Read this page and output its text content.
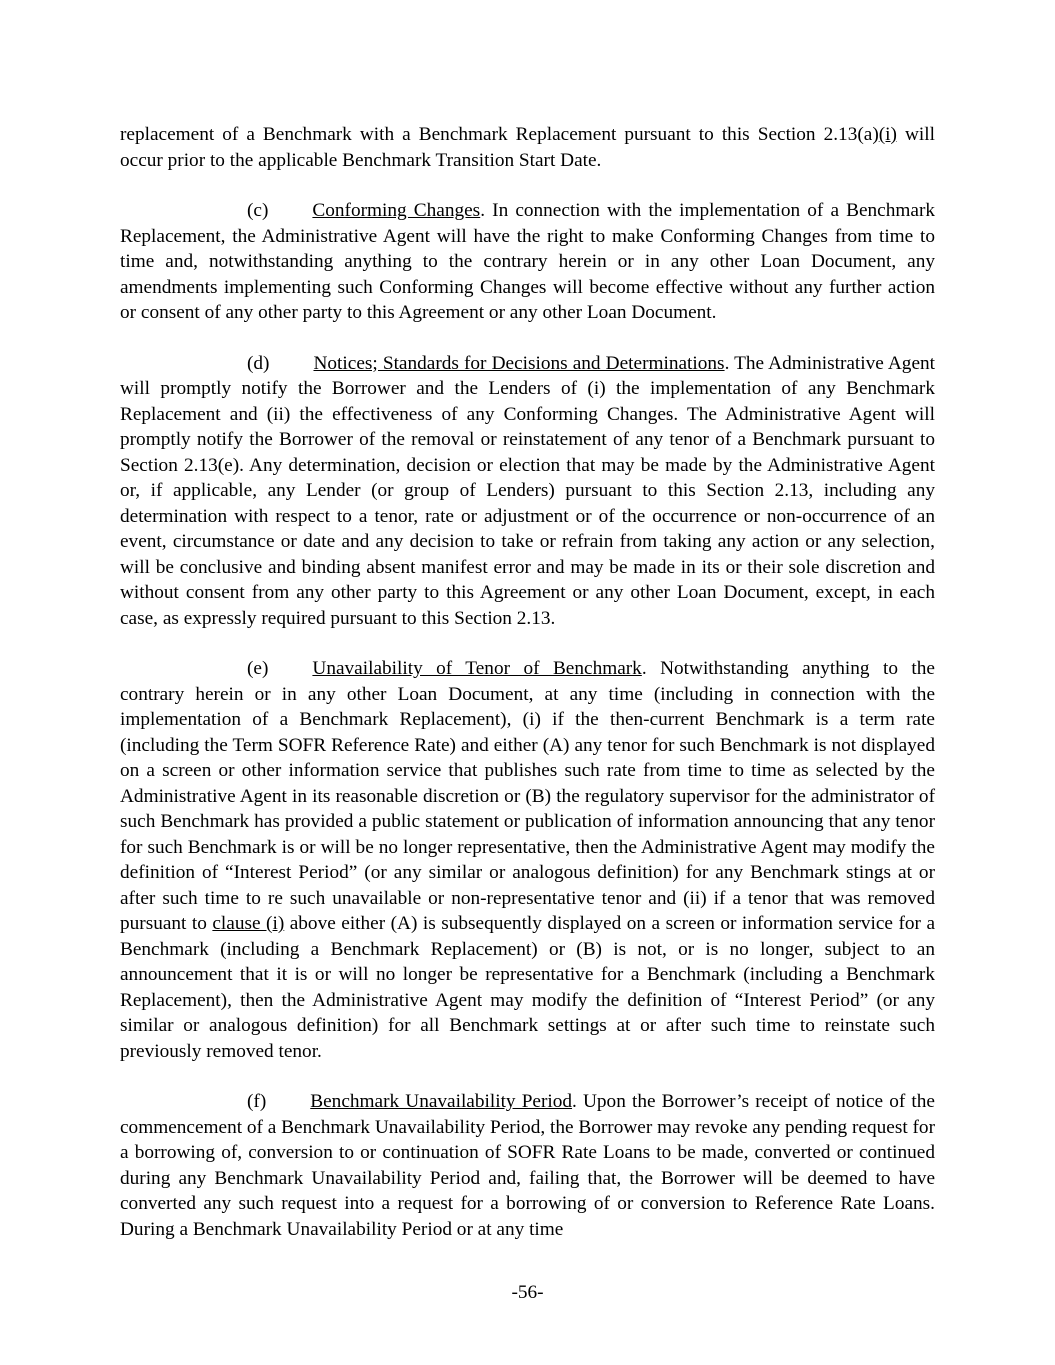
replacement of a Benchmark with a Benchmark Replacement pursuant to this Section 2.13(a)(i) will occur prior to the applicable Benchmark Transition Start Date.

(c) Conforming Changes. In connection with the implementation of a Benchmark Replacement, the Administrative Agent will have the right to make Conforming Changes from time to time and, notwithstanding anything to the contrary herein or in any other Loan Document, any amendments implementing such Conforming Changes will become effective without any further action or consent of any other party to this Agreement or any other Loan Document.

(d) Notices; Standards for Decisions and Determinations. The Administrative Agent will promptly notify the Borrower and the Lenders of (i) the implementation of any Benchmark Replacement and (ii) the effectiveness of any Conforming Changes. The Administrative Agent will promptly notify the Borrower of the removal or reinstatement of any tenor of a Benchmark pursuant to Section 2.13(e). Any determination, decision or election that may be made by the Administrative Agent or, if applicable, any Lender (or group of Lenders) pursuant to this Section 2.13, including any determination with respect to a tenor, rate or adjustment or of the occurrence or non-occurrence of an event, circumstance or date and any decision to take or refrain from taking any action or any selection, will be conclusive and binding absent manifest error and may be made in its or their sole discretion and without consent from any other party to this Agreement or any other Loan Document, except, in each case, as expressly required pursuant to this Section 2.13.

(e) Unavailability of Tenor of Benchmark. Notwithstanding anything to the contrary herein or in any other Loan Document, at any time (including in connection with the implementation of a Benchmark Replacement), (i) if the then-current Benchmark is a term rate (including the Term SOFR Reference Rate) and either (A) any tenor for such Benchmark is not displayed on a screen or other information service that publishes such rate from time to time as selected by the Administrative Agent in its reasonable discretion or (B) the regulatory supervisor for the administrator of such Benchmark has provided a public statement or publication of information announcing that any tenor for such Benchmark is or will be no longer representative, then the Administrative Agent may modify the definition of “Interest Period” (or any similar or analogous definition) for any Benchmark stings at or after such time to re such unavailable or non-representative tenor and (ii) if a tenor that was removed pursuant to clause (i) above either (A) is subsequently displayed on a screen or information service for a Benchmark (including a Benchmark Replacement) or (B) is not, or is no longer, subject to an announcement that it is or will no longer be representative for a Benchmark (including a Benchmark Replacement), then the Administrative Agent may modify the definition of “Interest Period” (or any similar or analogous definition) for all Benchmark settings at or after such time to reinstate such previously removed tenor.

(f) Benchmark Unavailability Period. Upon the Borrower’s receipt of notice of the commencement of a Benchmark Unavailability Period, the Borrower may revoke any pending request for a borrowing of, conversion to or continuation of SOFR Rate Loans to be made, converted or continued during any Benchmark Unavailability Period and, failing that, the Borrower will be deemed to have converted any such request into a request for a borrowing of or conversion to Reference Rate Loans. During a Benchmark Unavailability Period or at any time

-56-
